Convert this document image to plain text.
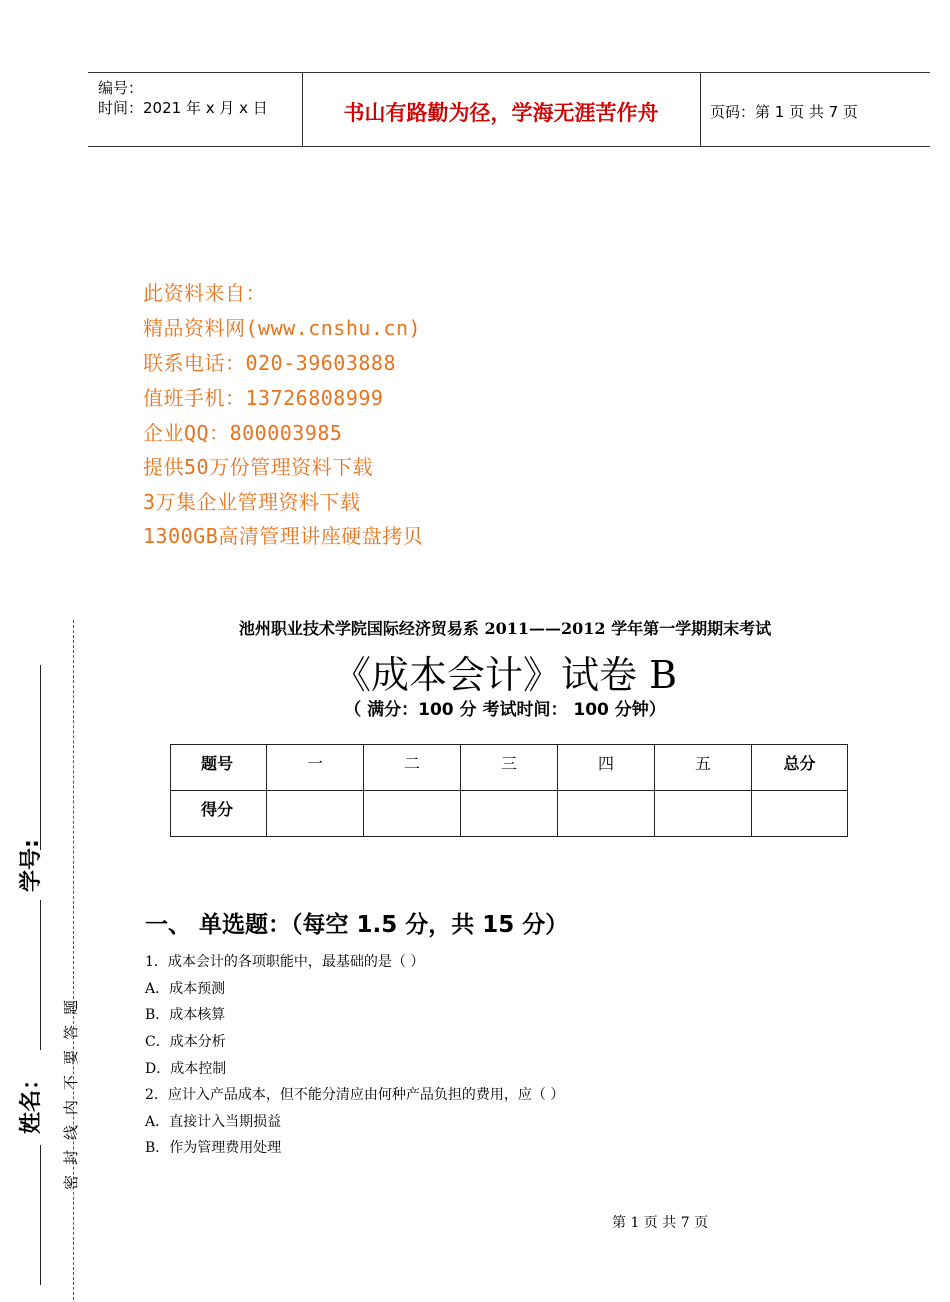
编号：
时间：2021 年 x 月 x 日	书山有路勤为径，学海无涯苦作舟	页码：第 1 页 共 7 页
此资料来自：
精品资料网(www.cnshu.cn)
联系电话：020-39603888
值班手机：13726808999
企业QQ：800003985
提供50万份管理资料下载
3万集企业管理资料下载
1300GB高清管理讲座硬盘拷贝
池州职业技术学院国际经济贸易系 2011——2012 学年第一学期期末考试
《成本会计》试卷 B
（ 满分：100 分 考试时间： 100 分钟）
题号	一	二	三	四	五	总分
得分						
一、 单选题：（每空 1.5 分，共 15 分）
1．成本会计的各项职能中，最基础的是（ ）
A．成本预测
B．成本核算
C．成本分析
D．成本控制
2．应计入产品成本，但不能分清应由何种产品负担的费用，应（ ）
A．直接计入当期损益
B．作为管理费用处理
第 1 页 共 7 页
密封线内不要答题
学号:
姓名：
